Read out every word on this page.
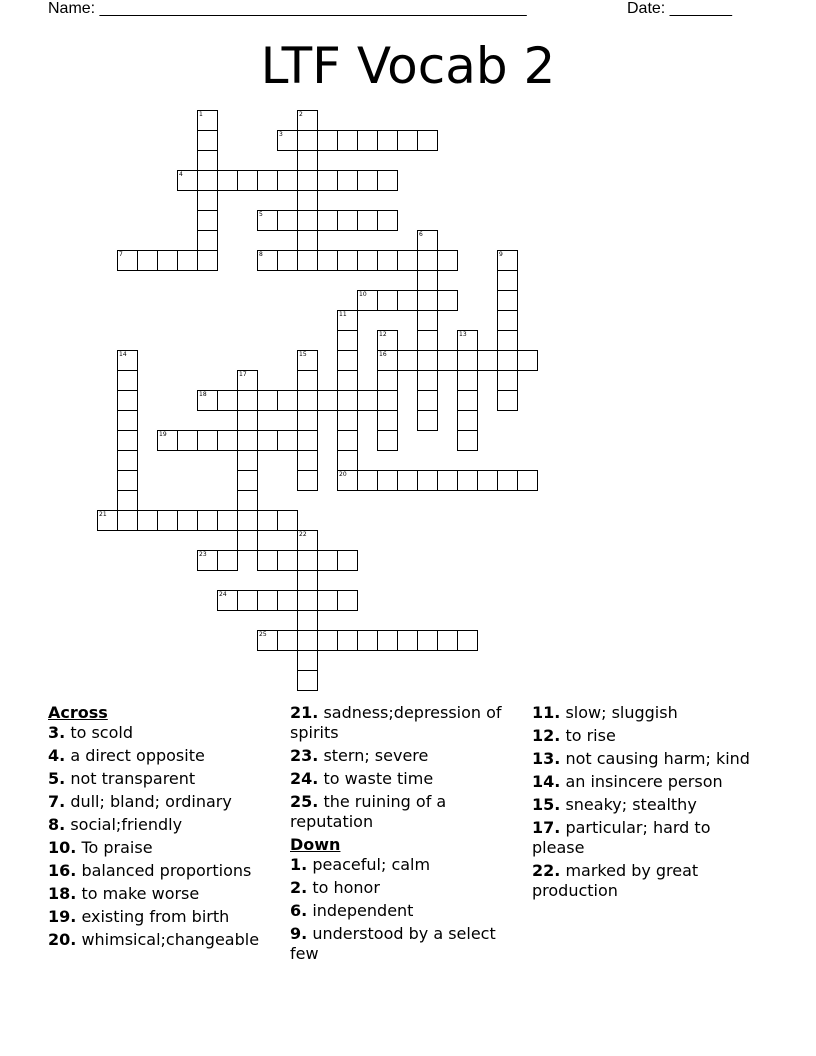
Name: ________________________________________________	Date: _______
LTF Vocab 2
1	2
3
4
5
6
7	8	9
10
11
12	13
14	15	16
17
18
19
20
21
22
23
24
25
Across
3. to scold
4. a direct opposite
5. not transparent
7. dull; bland; ordinary
8. social;friendly
10. To praise
16. balanced proportions
18. to make worse
19. existing from birth
20. whimsical;changeable
21. sadness;depression of spirits
23. stern; severe
24. to waste time
25. the ruining of a reputation
Down
1. peaceful; calm
2. to honor
6. independent
9. understood by a select few
11. slow; sluggish
12. to rise
13. not causing harm; kind
14. an insincere person
15. sneaky; stealthy
17. particular; hard to please
22. marked by great production
